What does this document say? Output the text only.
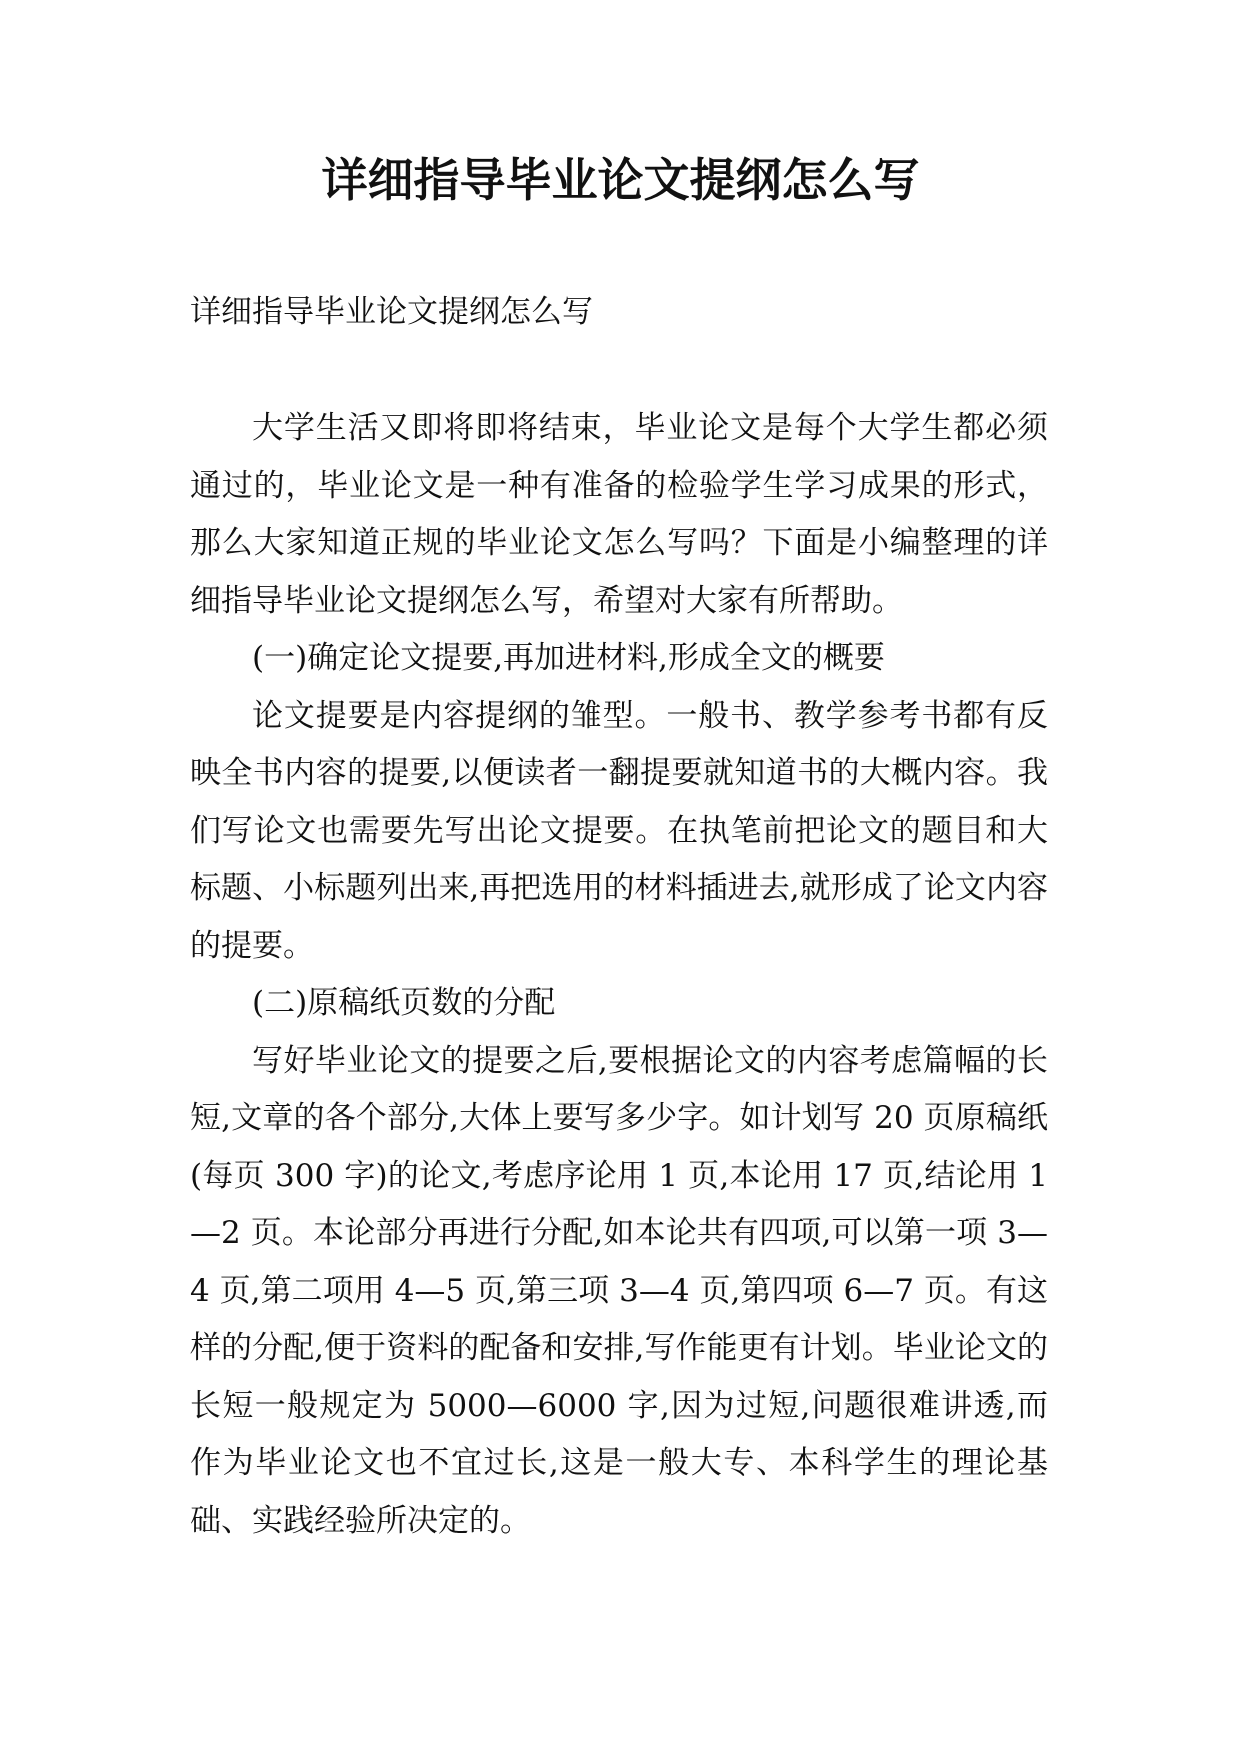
详细指导毕业论文提纲怎么写

详细指导毕业论文提纲怎么写

大学生活又即将即将结束，毕业论文是每个大学生都必须通过的，毕业论文是一种有准备的检验学生学习成果的形式，那么大家知道正规的毕业论文怎么写吗？下面是小编整理的详细指导毕业论文提纲怎么写，希望对大家有所帮助。

(一)确定论文提要,再加进材料,形成全文的概要

论文提要是内容提纲的雏型。一般书、教学参考书都有反映全书内容的提要,以便读者一翻提要就知道书的大概内容。我们写论文也需要先写出论文提要。在执笔前把论文的题目和大标题、小标题列出来,再把选用的材料插进去,就形成了论文内容的提要。

(二)原稿纸页数的分配

写好毕业论文的提要之后,要根据论文的内容考虑篇幅的长短,文章的各个部分,大体上要写多少字。如计划写 20 页原稿纸(每页 300 字)的论文,考虑序论用 1 页,本论用 17 页,结论用 1—2 页。本论部分再进行分配,如本论共有四项,可以第一项 3—4 页,第二项用 4—5 页,第三项 3—4 页,第四项 6—7 页。有这样的分配,便于资料的配备和安排,写作能更有计划。毕业论文的长短一般规定为 5000—6000 字,因为过短,问题很难讲透,而作为毕业论文也不宜过长,这是一般大专、本科学生的理论基础、实践经验所决定的。
